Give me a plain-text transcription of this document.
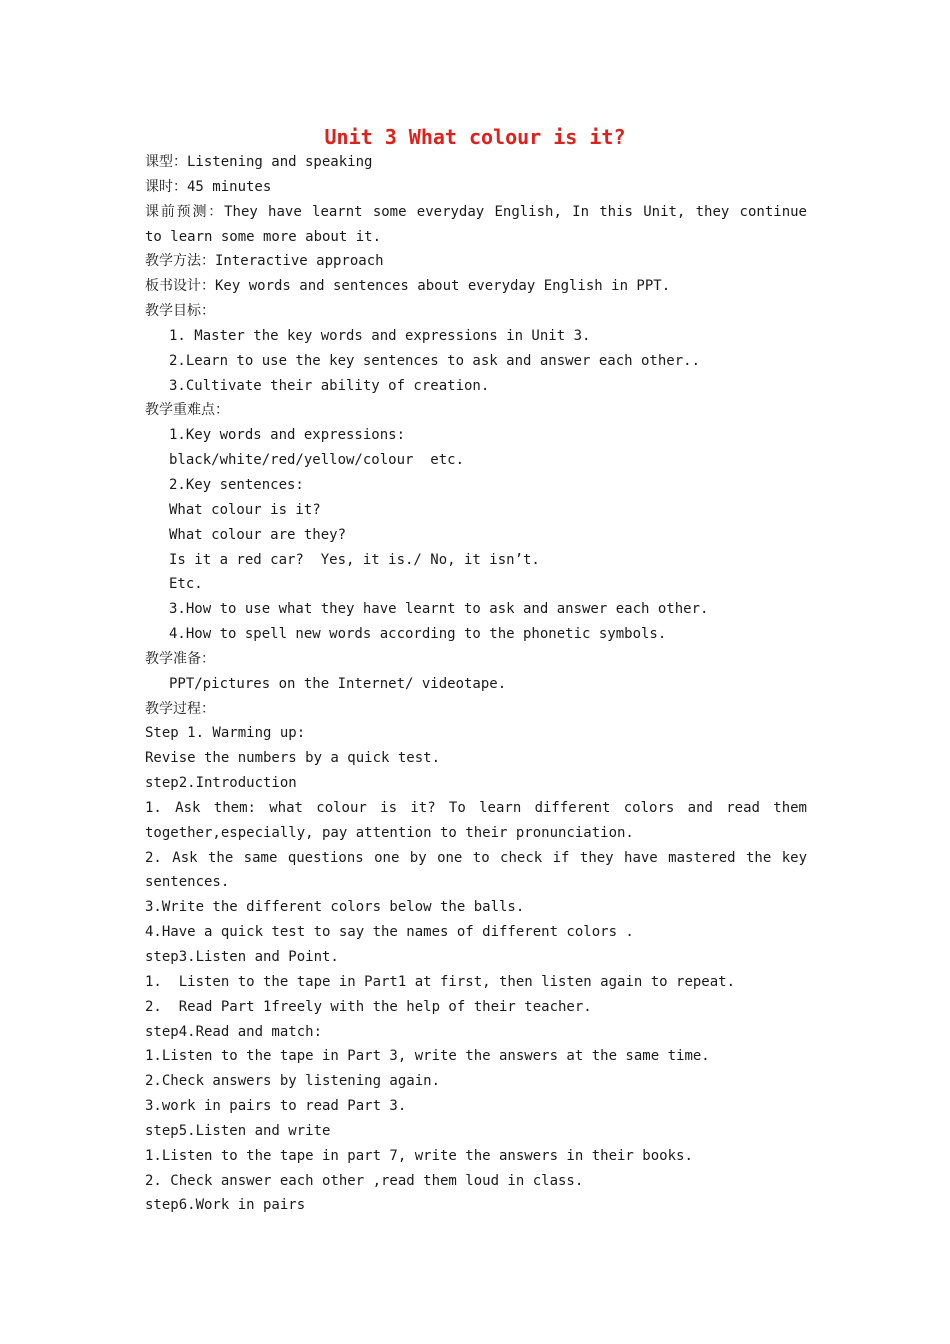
Unit 3 What colour is it?
课型：Listening and speaking
课时：45 minutes
课前预测：They have learnt some everyday English, In this Unit, they continue
to learn some more about it.
教学方法：Interactive approach
板书设计：Key words and sentences about everyday English in PPT.
教学目标：
1. Master the key words and expressions in Unit 3.
2.Learn to use the key sentences to ask and answer each other..
3.Cultivate their ability of creation.
教学重难点：
1.Key words and expressions:
black/white/red/yellow/colour  etc.
2.Key sentences:
What colour is it?
What colour are they?
Is it a red car?  Yes, it is./ No, it isn’t.
Etc.
3.How to use what they have learnt to ask and answer each other.
4.How to spell new words according to the phonetic symbols.
教学准备：
PPT/pictures on the Internet/ videotape.
教学过程：
Step 1. Warming up:
Revise the numbers by a quick test.
step2.Introduction
1. Ask them: what colour is it? To learn different colors and read them
together,especially, pay attention to their pronunciation.
2. Ask the same questions one by one to check if they have mastered the key
sentences.
3.Write the different colors below the balls.
4.Have a quick test to say the names of different colors .
step3.Listen and Point.
1.  Listen to the tape in Part1 at first, then listen again to repeat.
2.  Read Part 1freely with the help of their teacher.
step4.Read and match:
1.Listen to the tape in Part 3, write the answers at the same time.
2.Check answers by listening again.
3.work in pairs to read Part 3.
step5.Listen and write
1.Listen to the tape in part 7, write the answers in their books.
2. Check answer each other ,read them loud in class.
step6.Work in pairs
